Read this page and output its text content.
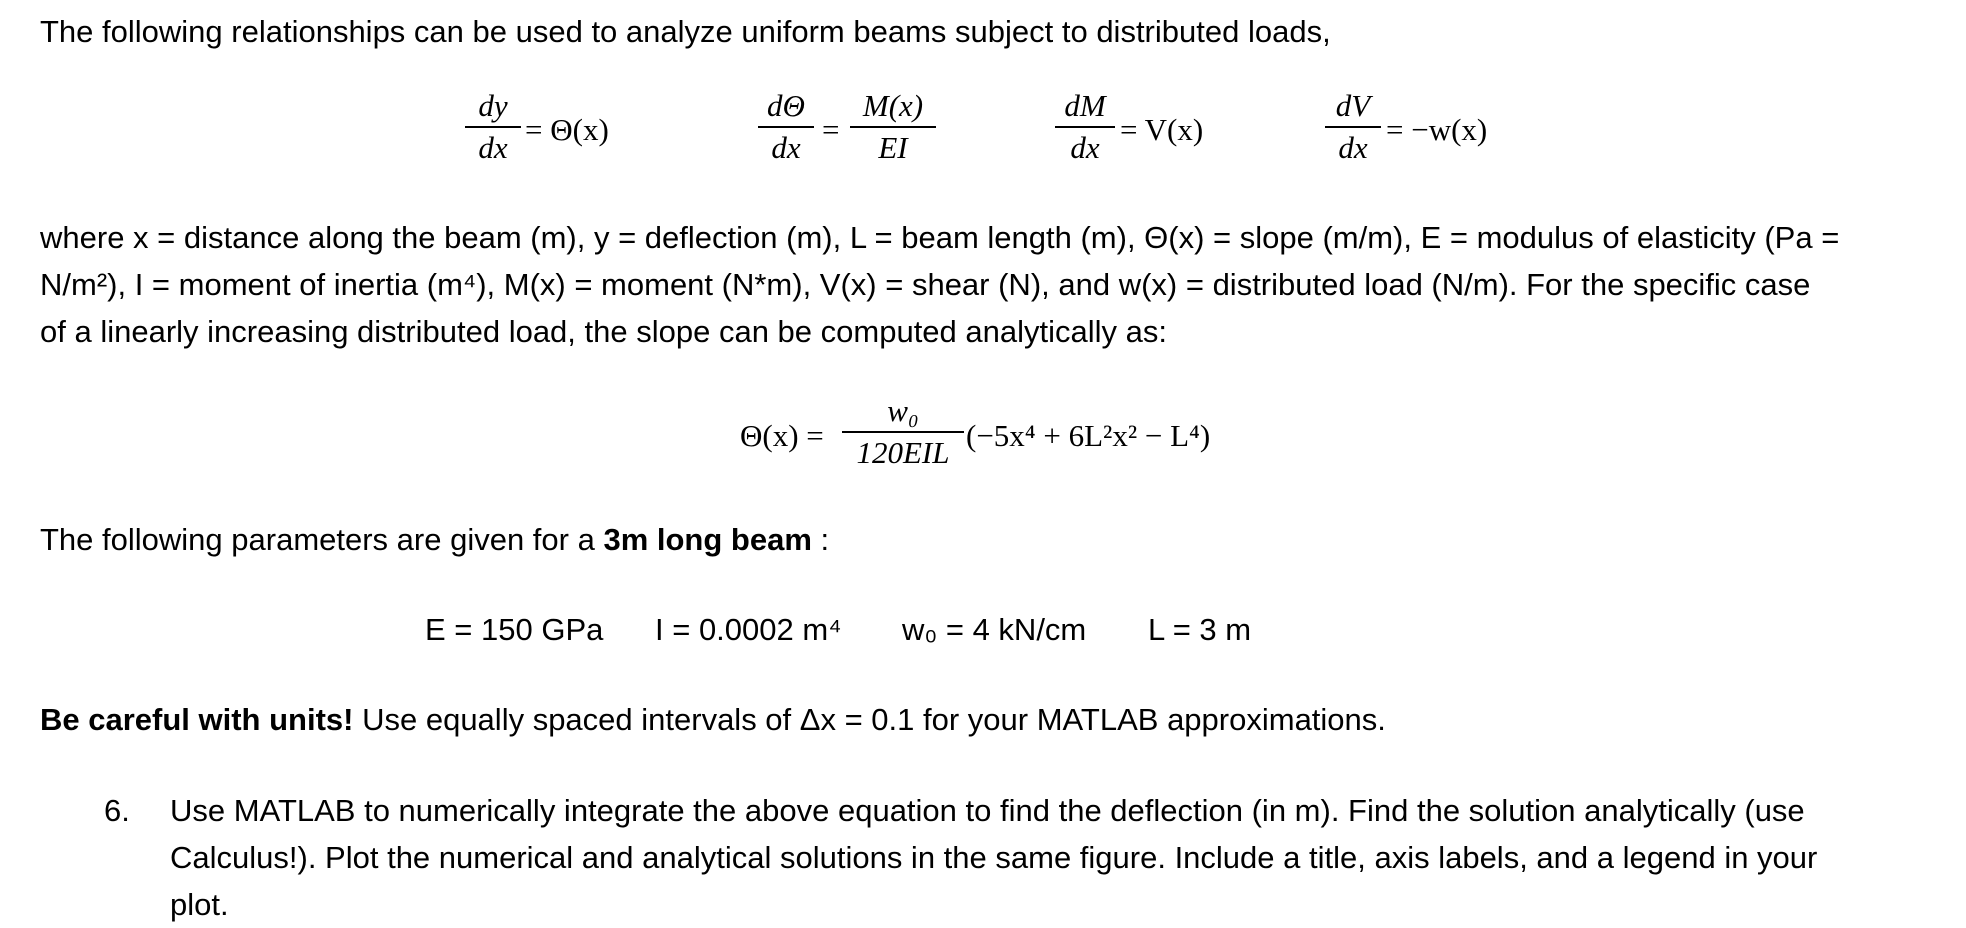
The following relationships can be used to analyze uniform beams subject to distributed loads,
dy
dx
= Θ(x)
dΘ
dx
=
M(x)
EI
dM
dx
= V(x)
dV
dx
= −w(x)
where x = distance along the beam (m), y = deflection (m), L = beam length (m), Θ(x) = slope (m/m), E = modulus of elasticity (Pa =
N/m²), I = moment of inertia (m⁴), M(x) = moment (N*m), V(x) = shear (N), and w(x) = distributed load (N/m). For the specific case
of a linearly increasing distributed load, the slope can be computed analytically as:
Θ(x) =
w₀
120EIL (−5x⁴ + 6L²x² − L⁴)
The following parameters are given for a 3m long beam :
E = 150 GPa I = 0.0002 m⁴ w₀ = 4 kN/cm L = 3 m
Be careful with units! Use equally spaced intervals of Δx = 0.1 for your MATLAB approximations.
6. Use MATLAB to numerically integrate the above equation to find the deflection (in m). Find the solution analytically (use
Calculus!). Plot the numerical and analytical solutions in the same figure. Include a title, axis labels, and a legend in your
plot.
